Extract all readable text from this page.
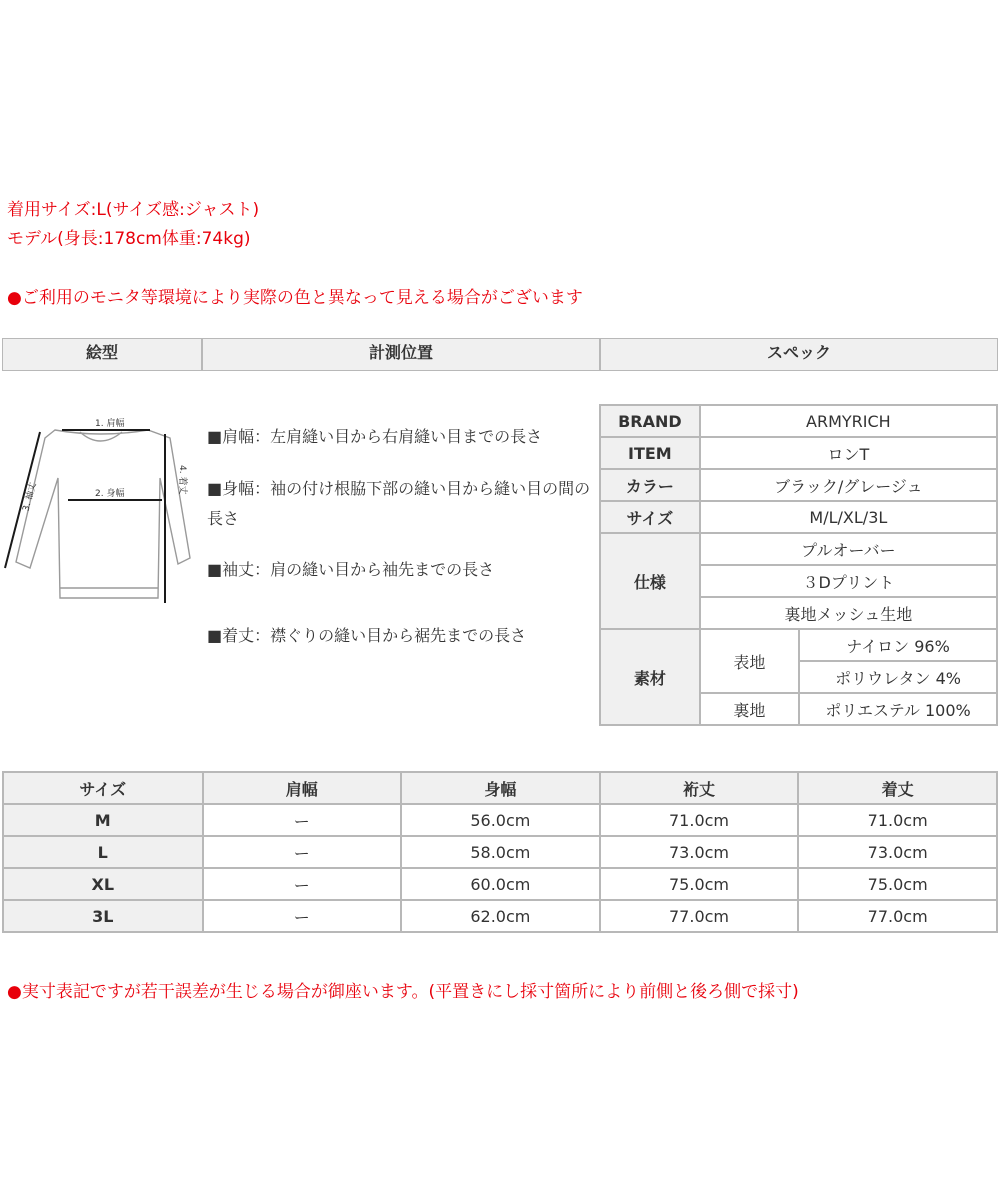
着用サイズ:L(サイズ感:ジャスト)
モデル(身長:178cm体重:74kg)
●ご利用のモニタ等環境により実際の色と異なって見える場合がございます
絵型	計測位置	スペック
1. 肩幅
2. 身幅
3. 袖丈
4. 着丈
■肩幅：左肩縫い目から右肩縫い目までの長さ
■身幅：袖の付け根脇下部の縫い目から縫い目の間の長さ
■袖丈：肩の縫い目から袖先までの長さ
■着丈：襟ぐりの縫い目から裾先までの長さ
BRAND	ARMYRICH	
ITEM	ロンT	
カラー	ブラック/グレージュ	
サイズ	M/L/XL/3L	
仕様	プルオーバー	
	３Dプリント	
	裏地メッシュ生地	
素材	表地	ナイロン 96%
		ポリウレタン 4%
	裏地	ポリエステル 100%
サイズ	肩幅	身幅	裄丈	着丈
M	ー	56.0cm	71.0cm	71.0cm
L	ー	58.0cm	73.0cm	73.0cm
XL	ー	60.0cm	75.0cm	75.0cm
3L	ー	62.0cm	77.0cm	77.0cm
●実寸表記ですが若干誤差が生じる場合が御座います。(平置きにし採寸箇所により前側と後ろ側で採寸)
